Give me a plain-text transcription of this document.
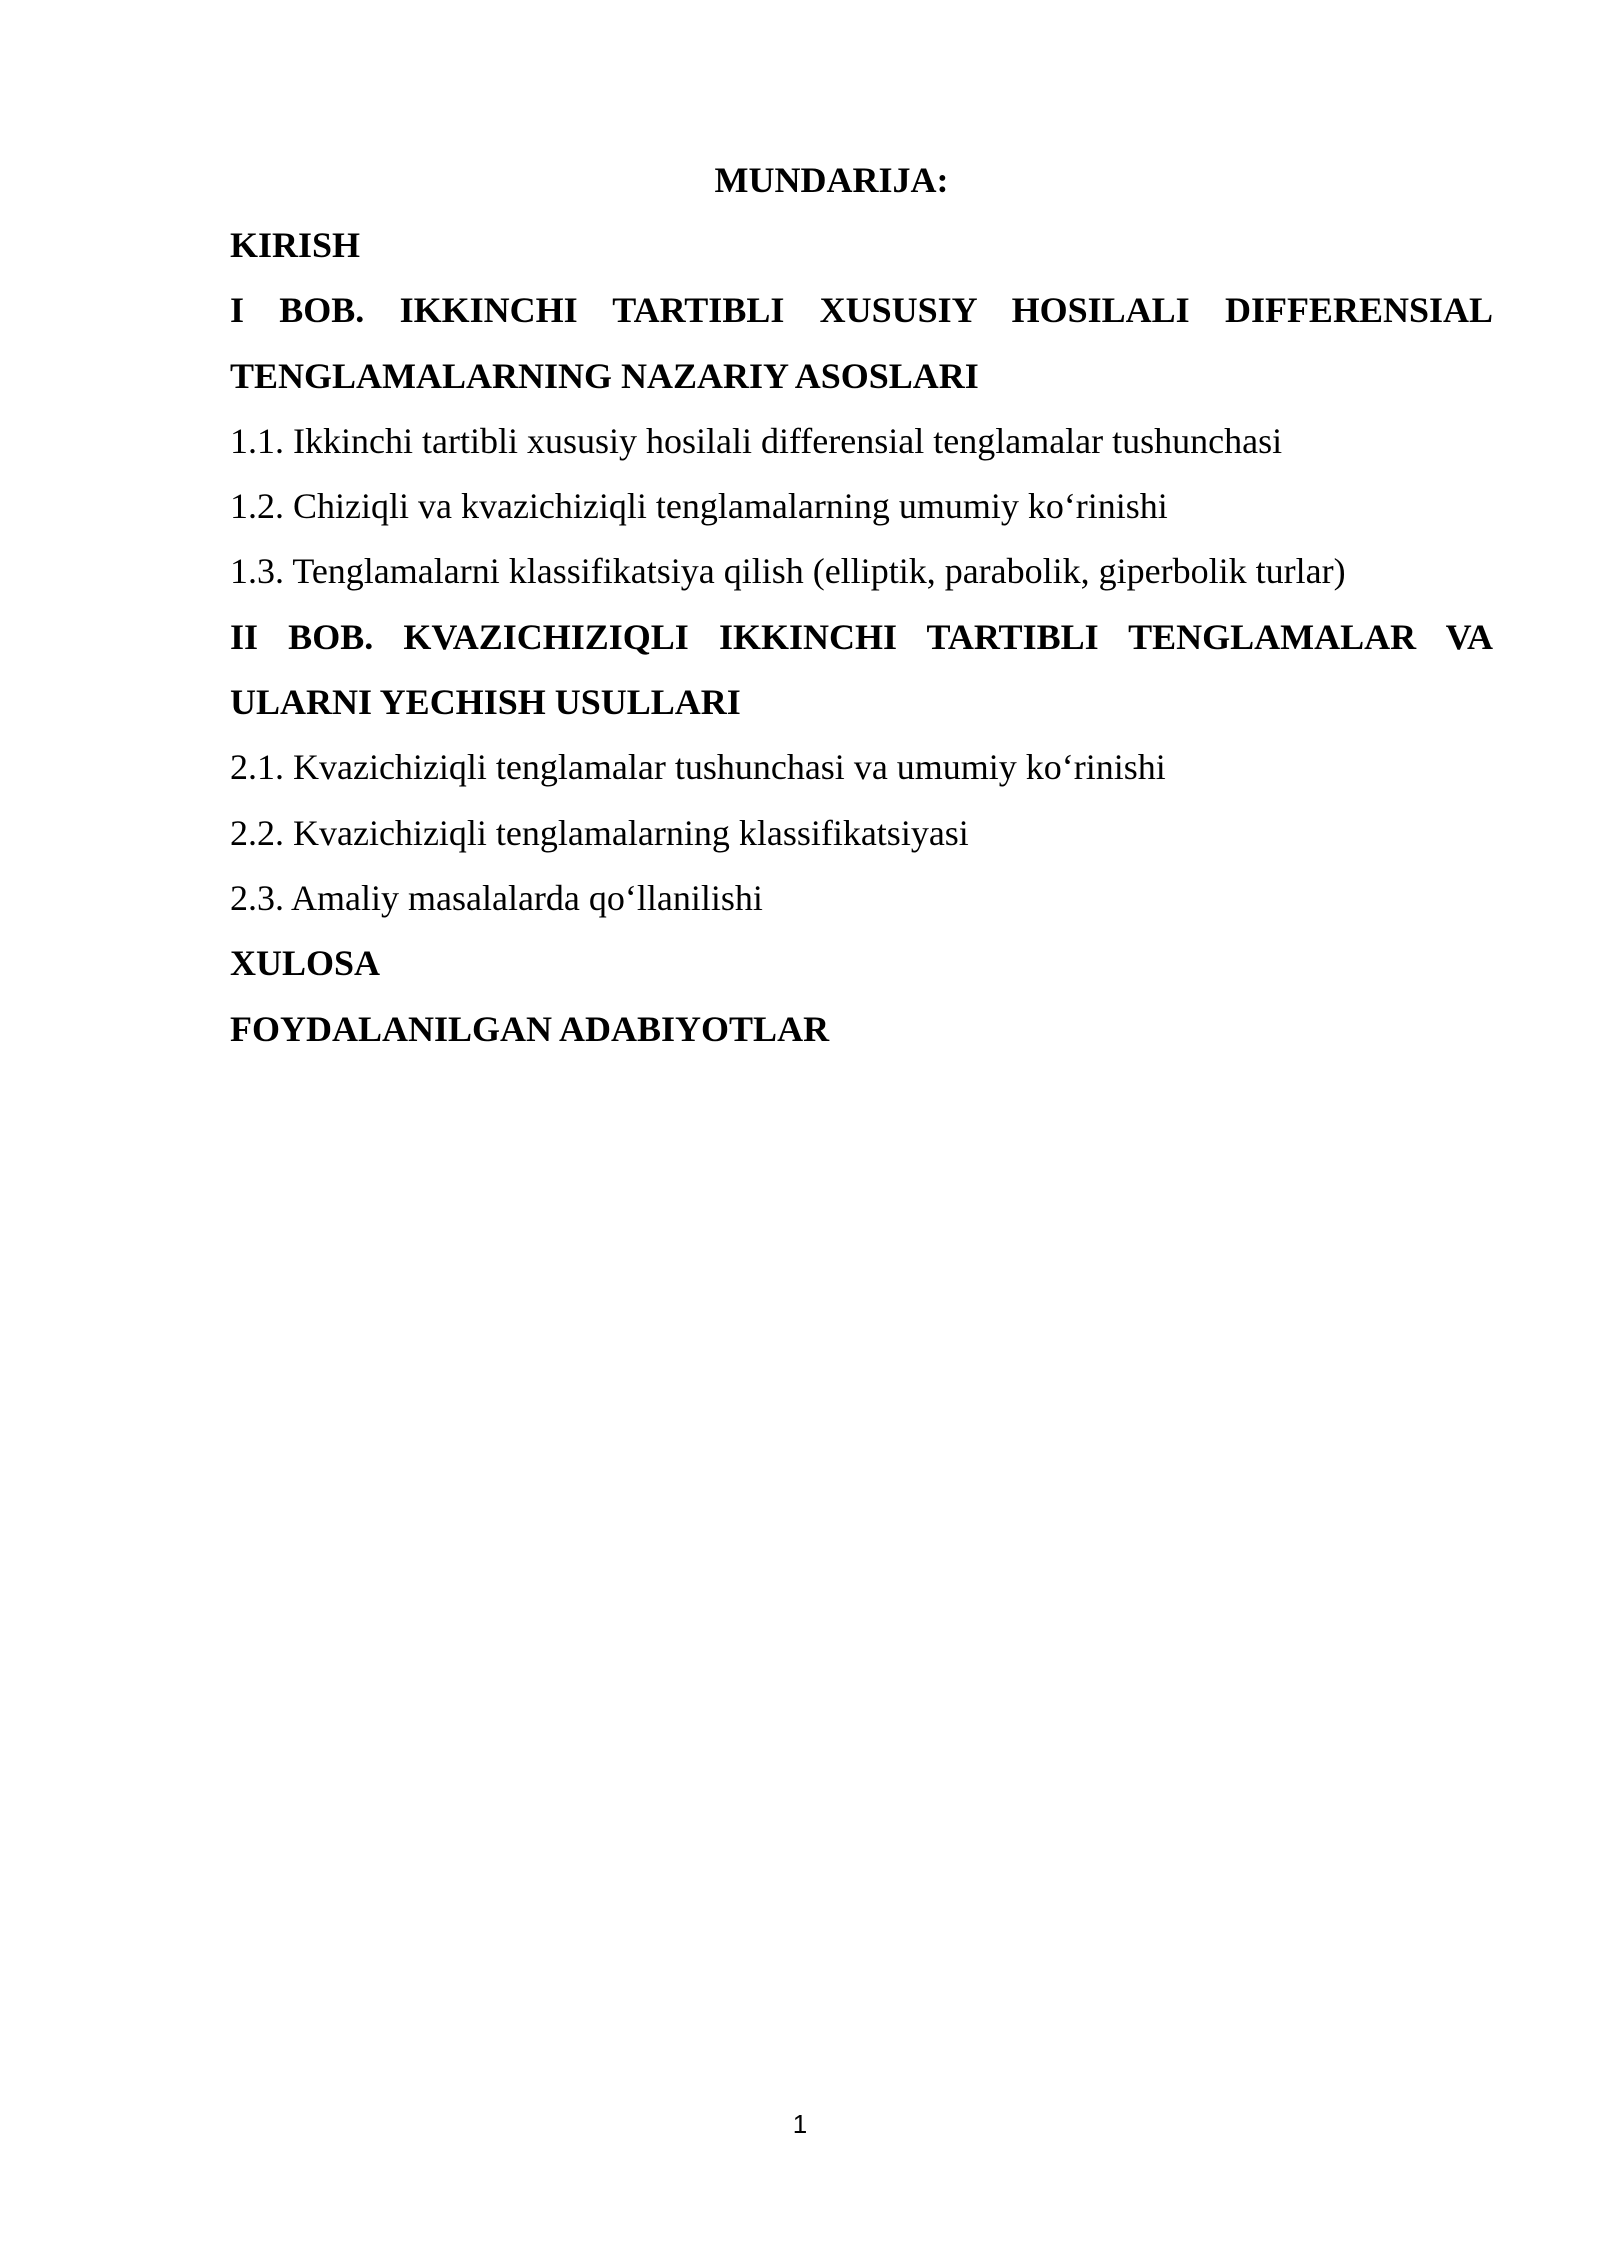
MUNDARIJA:
KIRISH
I BOB. IKKINCHI TARTIBLI XUSUSIY HOSILALI DIFFERENSIAL
TENGLAMALARNING NAZARIY ASOSLARI
1.1. Ikkinchi tartibli xususiy hosilali differensial tenglamalar tushunchasi
1.2. Chiziqli va kvazichiziqli tenglamalarning umumiy ko‘rinishi
1.3. Tenglamalarni klassifikatsiya qilish (elliptik, parabolik, giperbolik turlar)
II BOB. KVAZICHIZIQLI IKKINCHI TARTIBLI TENGLAMALAR VA
ULARNI YECHISH USULLARI
2.1. Kvazichiziqli tenglamalar tushunchasi va umumiy ko‘rinishi
2.2. Kvazichiziqli tenglamalarning klassifikatsiyasi
2.3. Amaliy masalalarda qo‘llanilishi
XULOSA
FOYDALANILGAN ADABIYOTLAR
1
